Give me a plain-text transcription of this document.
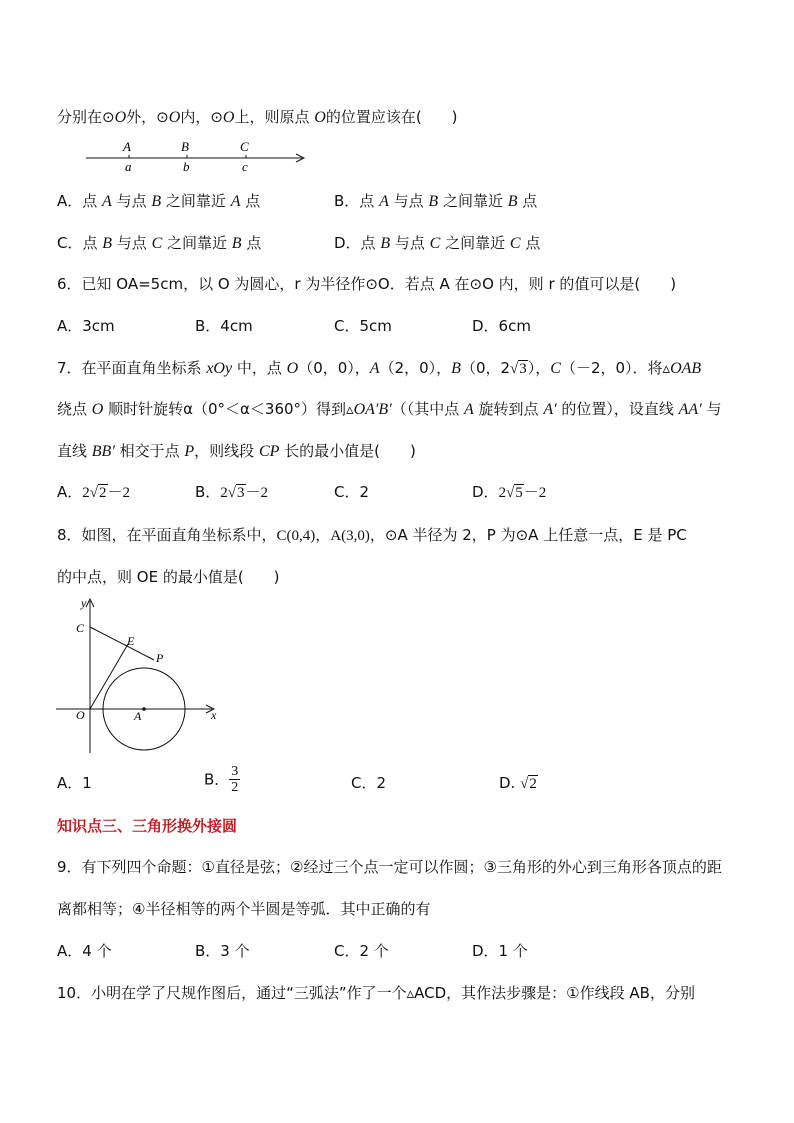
分别在⊙O外，⊙O内，⊙O上，则原点 O的位置应该在(　　)
A	B	C
a	b	c
A．点 A 与点 B 之间靠近 A 点	B．点 A 与点 B 之间靠近 B 点
C．点 B 与点 C 之间靠近 B 点	D．点 B 与点 C 之间靠近 C 点
6．已知 OA=5cm，以 O 为圆心，r 为半径作⊙O．若点 A 在⊙O 内，则 r 的值可以是(　　)
A．3cm	B．4cm	C．5cm	D．6cm
7．在平面直角坐标系 xOy 中，点 O（0，0），A（2，0），B（0，2√3），C（－2，0）．将▵OAB
绕点 O 顺时针旋转α（0°＜α＜360°）得到▵OA′B′（（其中点 A 旋转到点 A′ 的位置），设直线 AA′ 与
直线 BB′ 相交于点 P，则线段 CP 长的最小值是(　　)
A．2√2－2	B．2√3－2	C．2	D．2√5－2
8．如图，在平面直角坐标系中，C(0,4)，A(3,0)，⊙A 半径为 2，P 为⊙A 上任意一点，E 是 PC
的中点，则 OE 的最小值是(　　)
y
C
E
P
O	A	x
A．1	B． $\frac{3}{2}$	C．2	D. √2
知识点三、三角形换外接圆
9．有下列四个命题：①直径是弦；②经过三个点一定可以作圆；③三角形的外心到三角形各顶点的距
离都相等；④半径相等的两个半圆是等弧．其中正确的有
A．4 个	B．3 个	C．2 个	D．1 个
10．小明在学了尺规作图后，通过“三弧法”作了一个▵ACD，其作法步骤是：①作线段 AB，分别
